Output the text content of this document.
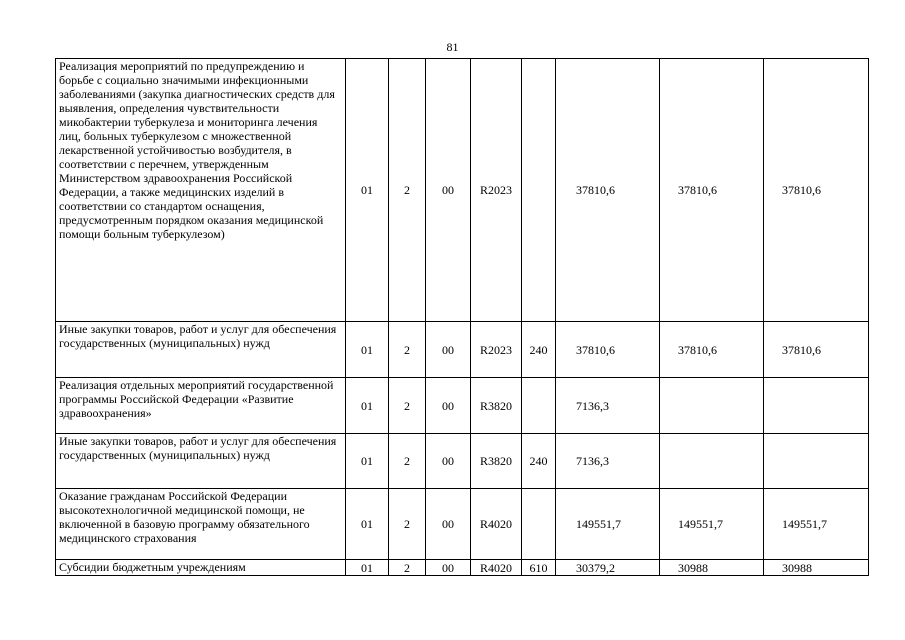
81
Реализация мероприятий по предупреждению и борьбе с социально значимыми инфекционными заболеваниями (закупка диагностических средств для выявления, определения чувствительности микобактерии туберкулеза и мониторинга лечения лиц, больных туберкулезом с множественной лекарственной устойчивостью возбудителя, в соответствии с перечнем, утвержденным Министерством здравоохранения Российской Федерации, а также медицинских изделий в соответствии со стандартом оснащения, предусмотренным порядком оказания медицинской помощи больным туберкулезом)	01	2	00	R2023		37810,6	37810,6	37810,6
Иные закупки товаров, работ и услуг для обеспечения государственных (муниципальных) нужд	01	2	00	R2023	240	37810,6	37810,6	37810,6
Реализация отдельных мероприятий государственной программы Российской Федерации «Развитие здравоохранения»	01	2	00	R3820		7136,3		
Иные закупки товаров, работ и услуг для обеспечения государственных (муниципальных) нужд	01	2	00	R3820	240	7136,3		
Оказание гражданам Российской Федерации высокотехнологичной медицинской помощи, не включенной в базовую программу обязательного медицинского страхования	01	2	00	R4020		149551,7	149551,7	149551,7
Субсидии бюджетным учреждениям	01	2	00	R4020	610	30379,2	30988	30988
